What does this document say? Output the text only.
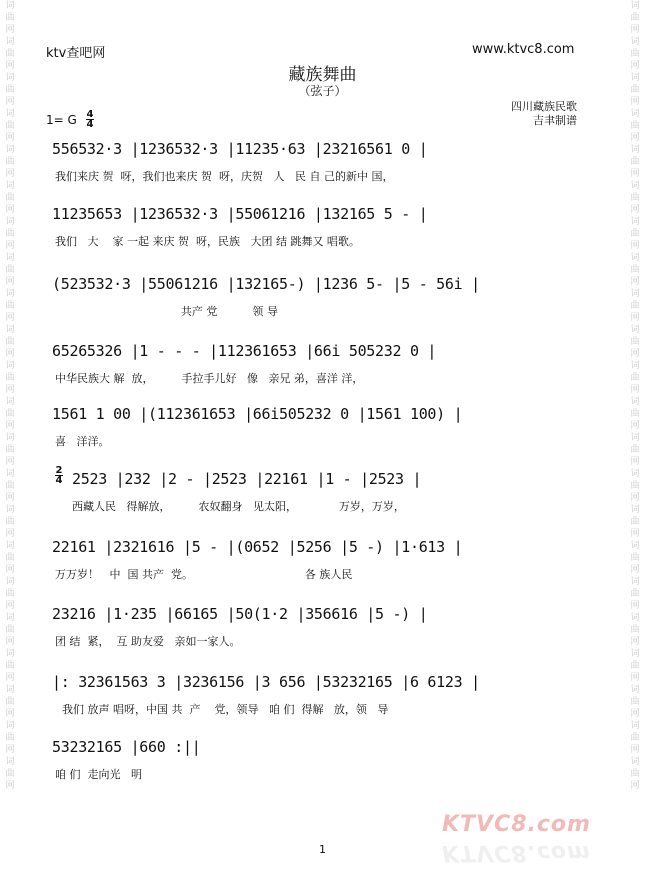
词曲网词曲网词曲网词曲网词曲网词曲网词曲网词曲网词曲网词曲网词曲网词曲网词曲网词曲网词曲网词曲网词曲网词曲网词曲网词曲网词曲网词曲网
词曲网词曲网词曲网词曲网词曲网词曲网词曲网词曲网词曲网词曲网词曲网词曲网词曲网词曲网词曲网词曲网词曲网词曲网词曲网词曲网词曲网词曲网
ktv查吧网	www.ktvc8.com
藏族舞曲
（弦子）
四川藏族民歌
吉聿制谱
1= G 4
4
556532·3 |1236532·3 |11235·63 |23216561 0 |
我们来庆 贺  呀，我们也来庆 贺  呀，庆贺   人   民 自 己的新中 国，
11235653 |1236532·3 |55061216 |132165 5 - |
我们   大    家 一起 来庆 贺  呀，民族   大团 结 跳舞又 唱歌。
(523532·3 |55061216 |132165-) |1236 5- |5 - 56i |
共产 党          领 导
65265326 |1 - - - |112361653 |66i 505232 0 |
中华民族大 解  放，        手拉手儿好   像   亲兄 弟，喜洋 洋，
1561 1 00 |(112361653 |66i505232 0 |1561 100) |
喜   洋洋。
2523 |232 |2 - |2523 |22161 |1 - |2523 |
西藏人民   得解放，        农奴翻身   见太阳，            万岁，万岁，
22161 |2321616 |5 - |(0652 |5256 |5 -) |1·613 |
万万岁！   中  国 共产  党。                                各 族人民
23216 |1·235 |66165 |50(1·2 |356616 |5 -) |
团 结  紧，  互 助友爱   亲如一家人。
|: 32361563 3 |3236156 |3 656 |53232165 |6 6123 |
我们 放声 唱呀，中国 共  产    党，领导   咱 们  得解   放，领   导
53232165 |660 :||
咱 们  走向光   明
2
4
1
KTVC8.com
KTVC8.com
